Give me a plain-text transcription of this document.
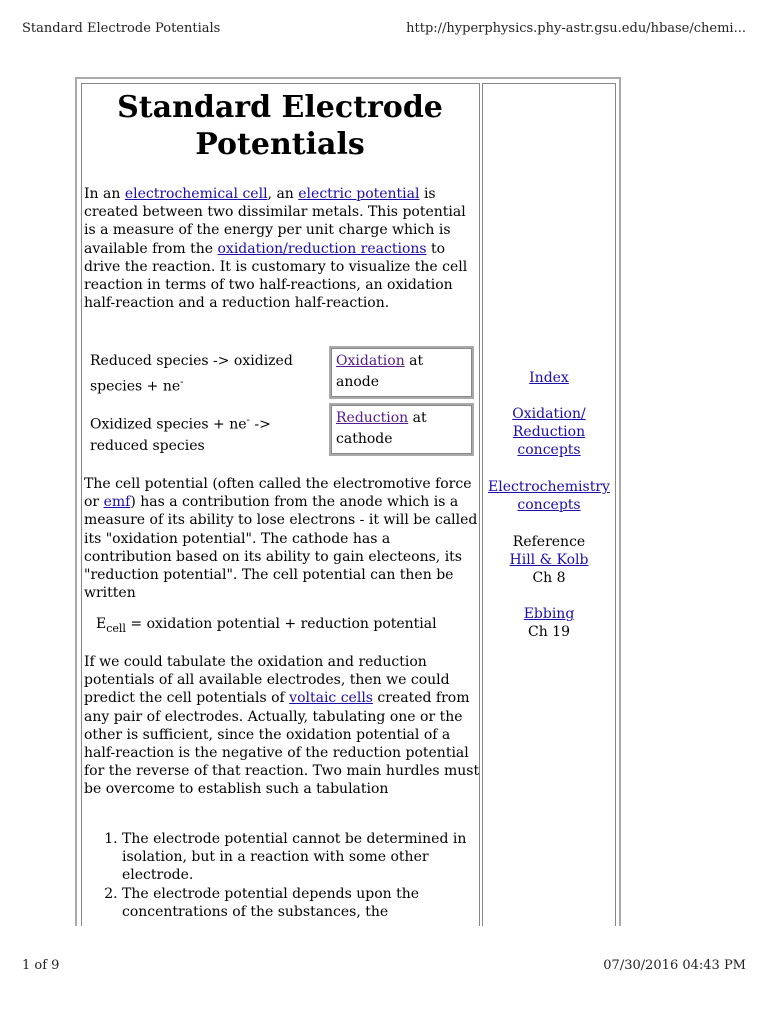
Standard Electrode Potentials	http://hyperphysics.phy-astr.gsu.edu/hbase/chemi...
Standard Electrode Potentials
In an electrochemical cell, an electric potential is created between two dissimilar metals. This potential is a measure of the energy per unit charge which is available from the oxidation/reduction reactions to drive the reaction. It is customary to visualize the cell reaction in terms of two half-reactions, an oxidation half-reaction and a reduction half-reaction.
Reduced species -> oxidized species + ne-
Oxidation at anode
Oxidized species + ne- -> reduced species
Reduction at cathode
The cell potential (often called the electromotive force or emf) has a contribution from the anode which is a measure of its ability to lose electrons - it will be called its "oxidation potential". The cathode has a contribution based on its ability to gain electeons, its "reduction potential". The cell potential can then be written
$E_{cell}$ = oxidation potential + reduction potential
If we could tabulate the oxidation and reduction potentials of all available electrodes, then we could predict the cell potentials of voltaic cells created from any pair of electrodes. Actually, tabulating one or the other is sufficient, since the oxidation potential of a half-reaction is the negative of the reduction potential for the reverse of that reaction. Two main hurdles must be overcome to establish such a tabulation
1. The electrode potential cannot be determined in isolation, but in a reaction with some other electrode.
2. The electrode potential depends upon the concentrations of the substances, the
Index
Oxidation/
Reduction
concepts
Electrochemistry
concepts
Reference
Hill & Kolb
Ch 8
Ebbing
Ch 19
1 of 9	07/30/2016 04:43 PM
